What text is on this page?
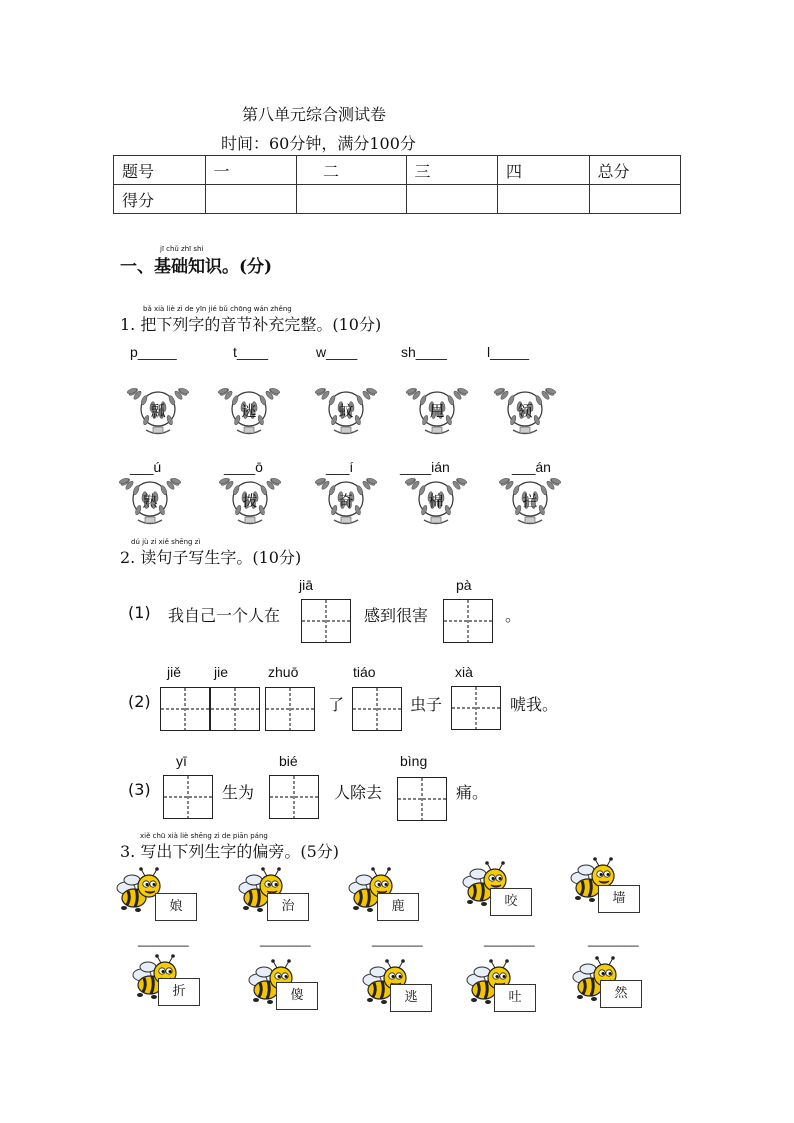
第八单元综合测试卷
时间：60分钟，满分100分
题号	一	二	三	四	总分
得分					
jī chǔ zhī shi
一、基础知识。(分)
bǎ xià liè zì de yīn jié bǔ chōng wán zhěng
1. 把下列字的音节补充完整。(10分)
p_____	t____	w____	sh____	l_____
瓢	逃	蚊	甩	领
___ú	____ō	___í	____ián	___án
熟	拨	奇	棉	拦
dú jù zi xiě shēng zì
2. 读句子写生字。(10分)
jiā	pà
(1) 我自己一个人在	感到很害	。
jiě jie	zhuō	tiáo	xià
(2)	了	虫子	唬我。
yī	bié	bìng
(3)	生为	人除去	痛。
xiě chū xià liè shēng zì de piān páng
3. 写出下列生字的偏旁。(5分)
娘	治	鹿	咬	墙
_______	_______	_______	_______	_______
折	傻	逃	吐	然
